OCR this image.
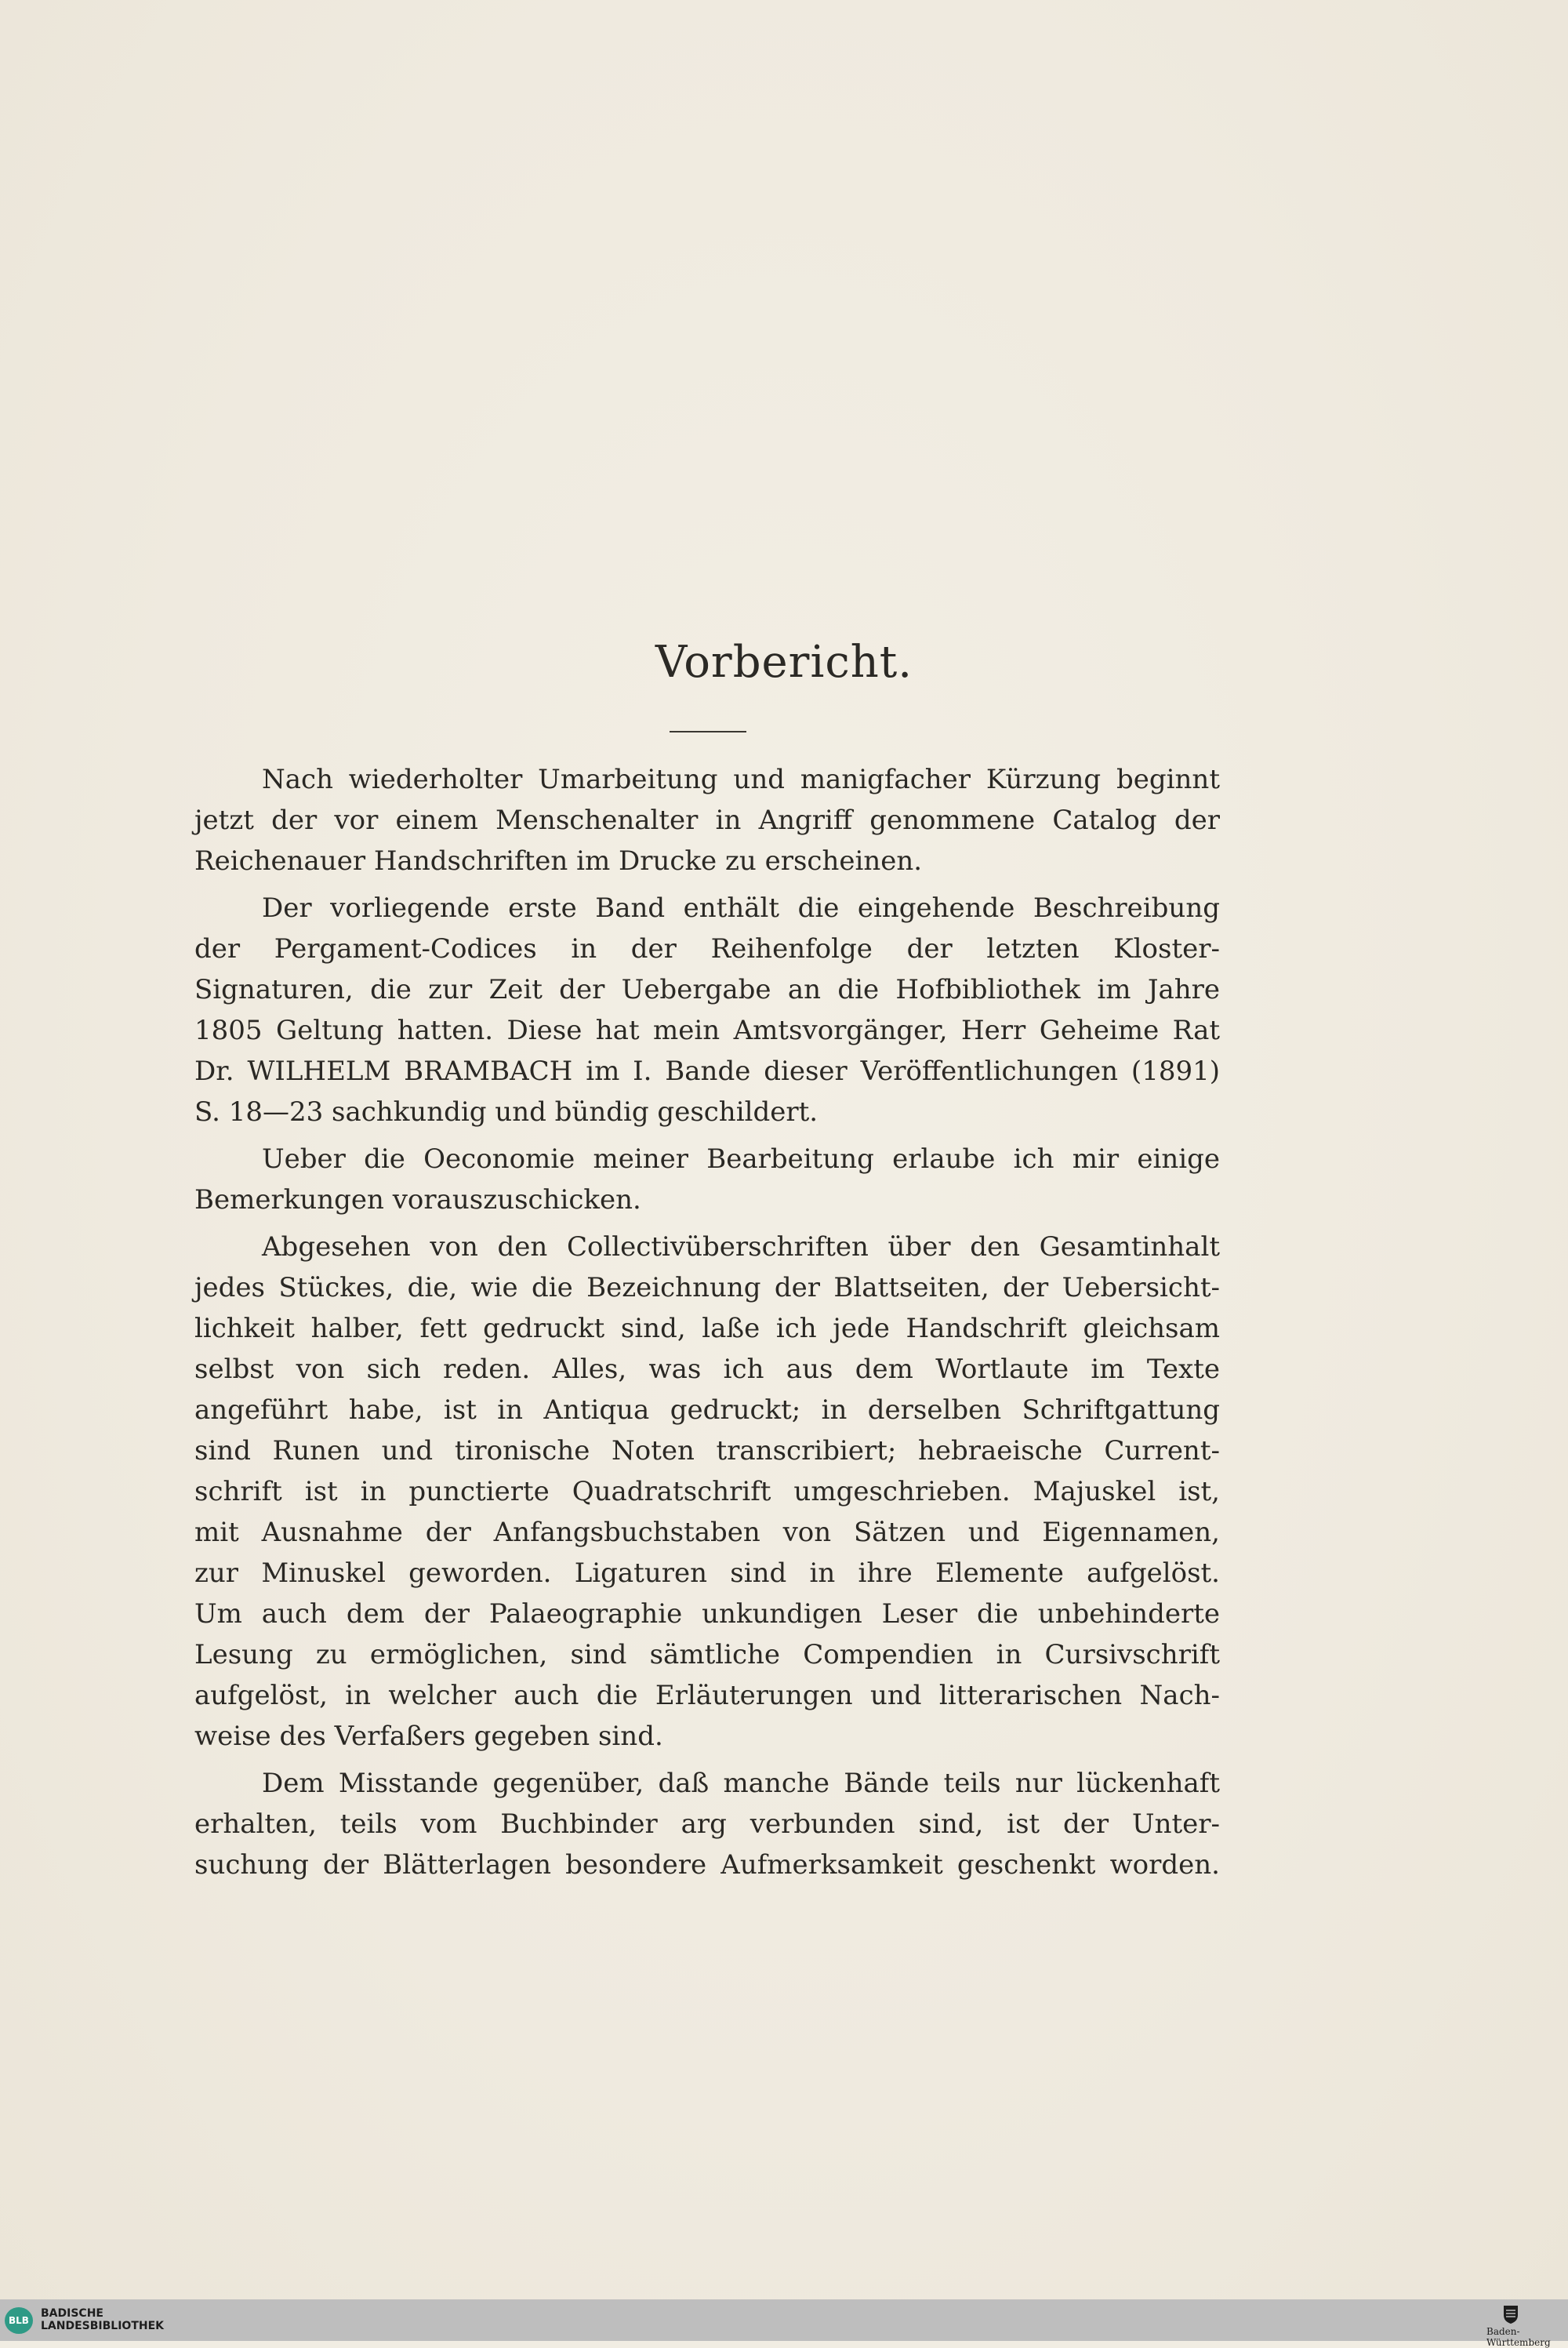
Vorbericht.

Nach wiederholter Umarbeitung und manigfacher Kürzung beginnt
jetzt der vor einem Menschenalter in Angriff genommene Catalog der
Reichenauer Handschriften im Drucke zu erscheinen.

Der vorliegende erste Band enthält die eingehende Beschreibung
der Pergament-Codices in der Reihenfolge der letzten Kloster-
Signaturen, die zur Zeit der Uebergabe an die Hofbibliothek im Jahre
1805 Geltung hatten. Diese hat mein Amtsvorgänger, Herr Geheime Rat
Dr. WILHELM BRAMBACH im I. Bande dieser Veröffentlichungen (1891)
S. 18—23 sachkundig und bündig geschildert.

Ueber die Oeconomie meiner Bearbeitung erlaube ich mir einige
Bemerkungen vorauszuschicken.

Abgesehen von den Collectivüberschriften über den Gesamtinhalt
jedes Stückes, die, wie die Bezeichnung der Blattseiten, der Uebersicht-
lichkeit halber, fett gedruckt sind, laße ich jede Handschrift gleichsam
selbst von sich reden. Alles, was ich aus dem Wortlaute im Texte
angeführt habe, ist in Antiqua gedruckt; in derselben Schriftgattung
sind Runen und tironische Noten transcribiert; hebraeische Current-
schrift ist in punctierte Quadratschrift umgeschrieben. Majuskel ist,
mit Ausnahme der Anfangsbuchstaben von Sätzen und Eigennamen,
zur Minuskel geworden. Ligaturen sind in ihre Elemente aufgelöst.
Um auch dem der Palaeographie unkundigen Leser die unbehinderte
Lesung zu ermöglichen, sind sämtliche Compendien in Cursivschrift
aufgelöst, in welcher auch die Erläuterungen und litterarischen Nach-
weise des Verfaßers gegeben sind.

Dem Misstande gegenüber, daß manche Bände teils nur lückenhaft
erhalten, teils vom Buchbinder arg verbunden sind, ist der Unter-
suchung der Blätterlagen besondere Aufmerksamkeit geschenkt worden.

BLB
BADISCHE
LANDESBIBLIOTHEK	Baden-Württemberg
